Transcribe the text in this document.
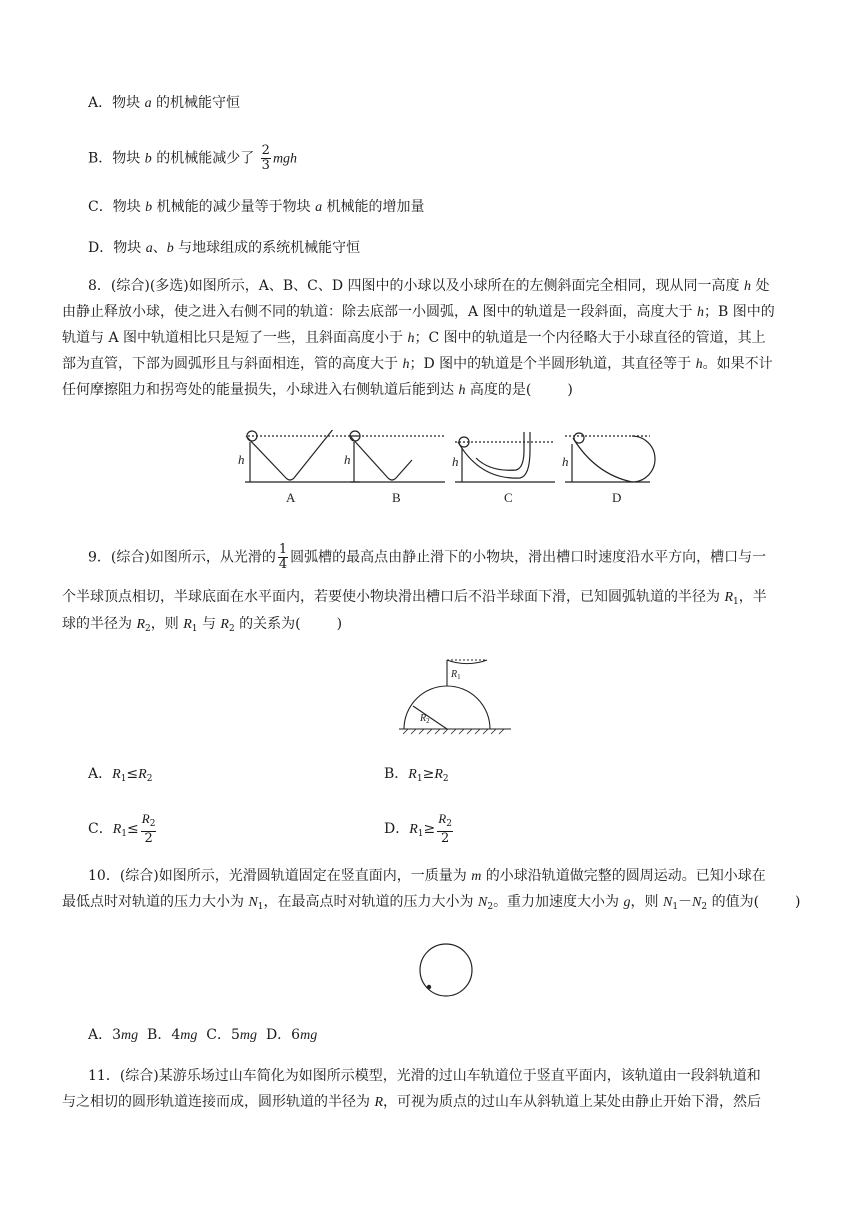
A．物块 a 的机械能守恒
B．物块 b 的机械能减少了 $\frac{2}{3}$ mgh
C．物块 b 机械能的减少量等于物块 a 机械能的增加量
D．物块 a、b 与地球组成的系统机械能守恒
8．(综合)(多选)如图所示，A、B、C、D 四图中的小球以及小球所在的左侧斜面完全相同，现从同一高度 h 处
由静止释放小球，使之进入右侧不同的轨道：除去底部一小圆弧，A 图中的轨道是一段斜面，高度大于 h；B 图中的
轨道与 A 图中轨道相比只是短了一些，且斜面高度小于 h；C 图中的轨道是一个内径略大于小球直径的管道，其上
部为直管，下部为圆弧形且与斜面相连，管的高度大于 h；D 图中的轨道是个半圆形轨道，其直径等于 h。如果不计
任何摩擦阻力和拐弯处的能量损失，小球进入右侧轨道后能到达 h 高度的是(	)
h	h	h	h
A	B	C	D
9．(综合)如图所示，从光滑的 $\frac{1}{4}$ 圆弧槽的最高点由静止滑下的小物块，滑出槽口时速度沿水平方向，槽口与一
个半球顶点相切，半球底面在水平面内，若要使小物块滑出槽口后不沿半球面下滑，已知圆弧轨道的半径为 $R_1$，半
球的半径为 $R_2$，则 $R_1$ 与 $R_2$ 的关系为(	)
$R_1$
$R_2$
A．$R_1\le R_2$	B．$R_1\ge R_2$
C．$R_1\le \frac{R_2}{2}$	D．$R_1\ge \frac{R_2}{2}$
10．(综合)如图所示，光滑圆轨道固定在竖直面内，一质量为 m 的小球沿轨道做完整的圆周运动。已知小球在
最低点时对轨道的压力大小为 $N_1$，在最高点时对轨道的压力大小为 $N_2$。重力加速度大小为 g，则 $N_1-N_2$ 的值为(	)
A．3mg  B．4mg  C．5mg  D．6mg
11．(综合)某游乐场过山车简化为如图所示模型，光滑的过山车轨道位于竖直平面内，该轨道由一段斜轨道和
与之相切的圆形轨道连接而成，圆形轨道的半径为 R，可视为质点的过山车从斜轨道上某处由静止开始下滑，然后
